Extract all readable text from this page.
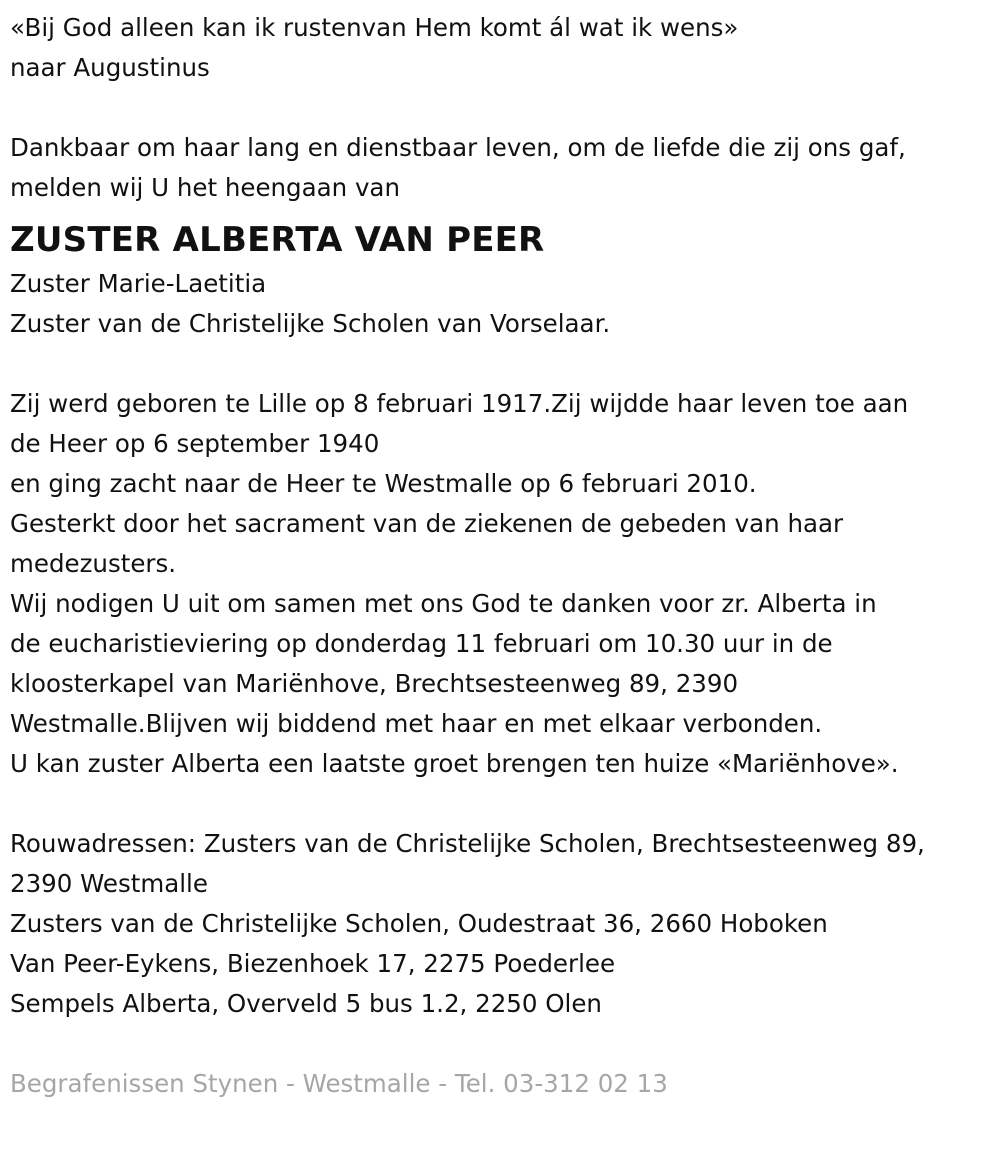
«Bij God alleen kan ik rustenvan Hem komt ál wat ik wens»
naar Augustinus
Dankbaar om haar lang en dienstbaar leven, om de liefde die zij ons gaf,
melden wij U het heengaan van
ZUSTER ALBERTA VAN PEER
Zuster Marie-Laetitia
Zuster van de Christelijke Scholen van Vorselaar.
Zij werd geboren te Lille op 8 februari 1917.Zij wijdde haar leven toe aan
de Heer op 6 september 1940
en ging zacht naar de Heer te Westmalle op 6 februari 2010.
Gesterkt door het sacrament van de ziekenen de gebeden van haar
medezusters.
Wij nodigen U uit om samen met ons God te danken voor zr. Alberta in
de eucharistieviering op donderdag 11 februari om 10.30 uur in de
kloosterkapel van Mariënhove, Brechtsesteenweg 89, 2390
Westmalle.Blijven wij biddend met haar en met elkaar verbonden.
U kan zuster Alberta een laatste groet brengen ten huize «Mariënhove».
Rouwadressen: Zusters van de Christelijke Scholen, Brechtsesteenweg 89,
2390 Westmalle
Zusters van de Christelijke Scholen, Oudestraat 36, 2660 Hoboken
Van Peer-Eykens, Biezenhoek 17, 2275 Poederlee
Sempels Alberta, Overveld 5 bus 1.2, 2250 Olen
Begrafenissen Stynen - Westmalle - Tel. 03-312 02 13
